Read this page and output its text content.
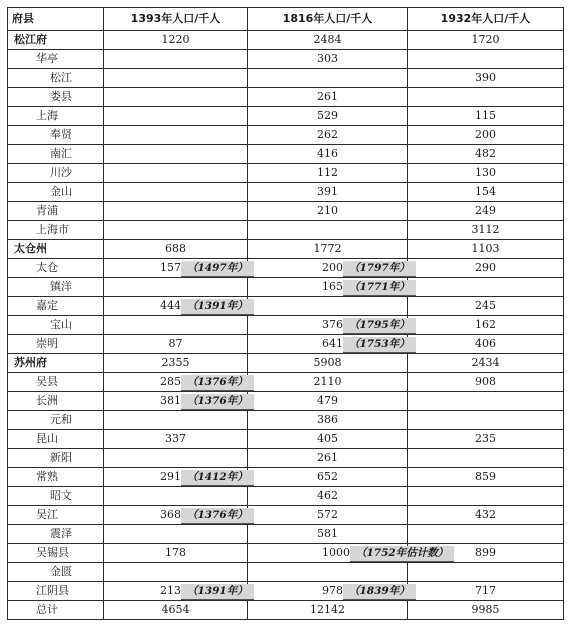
府县	1393年人口/千人	1816年人口/千人	1932年人口/千人
松江府	1220	2484	1720
华亭		303	
松江			390
娄县		261	
上海		529	115
奉贤		262	200
南汇		416	482
川沙		112	130
金山		391	154
青浦		210	249
上海市			3112
太仓州	688	1772	1103
太仓	157 （1497年）	200 （1797年）	290
镇洋		165 （1771年）	
嘉定	444 （1391年）		245
宝山		376 （1795年）	162
崇明	87	641 （1753年）	406
苏州府	2355	5908	2434
吴县	285 （1376年）	2110	908
长洲	381 （1376年）	479	
元和		386	
昆山	337	405	235
新阳		261	
常熟	291 （1412年）	652	859
昭文		462	
吴江	368 （1376年）	572	432
震泽		581	
吴锡县	178	1000 （1752年估计数）	899
金匮			
江阴县	213 （1391年）	978 （1839年）	717
总计	4654	12142	9985
